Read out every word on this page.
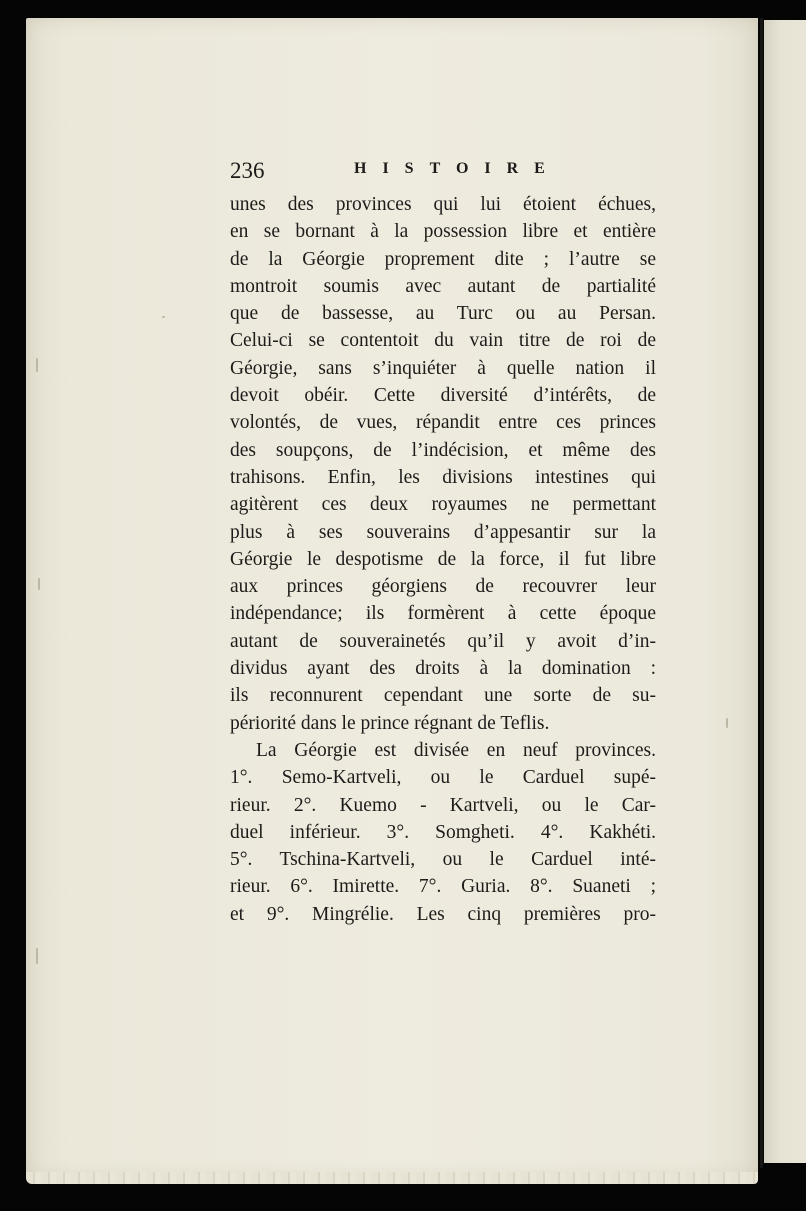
236	HISTOIRE
unes des provinces qui lui étoient échues,
en se bornant à la possession libre et entière
de la Géorgie proprement dite ; l’autre se
montroit soumis avec autant de partialité
que de bassesse, au Turc ou au Persan.
Celui-ci se contentoit du vain titre de roi de
Géorgie, sans s’inquiéter à quelle nation il
devoit obéir. Cette diversité d’intérêts, de
volontés, de vues, répandit entre ces princes
des soupçons, de l’indécision, et même des
trahisons. Enfin, les divisions intestines qui
agitèrent ces deux royaumes ne permettant
plus à ses souverains d’appesantir sur la
Géorgie le despotisme de la force, il fut libre
aux princes géorgiens de recouvrer leur
indépendance; ils formèrent à cette époque
autant de souverainetés qu’il y avoit d’in-
dividus ayant des droits à la domination :
ils reconnurent cependant une sorte de su-
périorité dans le prince régnant de Teflis.
La Géorgie est divisée en neuf provinces.
1°. Semo-Kartveli, ou le Carduel supé-
rieur. 2°. Kuemo - Kartveli, ou le Car-
duel inférieur. 3°. Somgheti. 4°. Kakhéti.
5°. Tschina-Kartveli, ou le Carduel inté-
rieur. 6°. Imirette. 7°. Guria. 8°. Suaneti ;
et 9°. Mingrélie. Les cinq premières pro-
